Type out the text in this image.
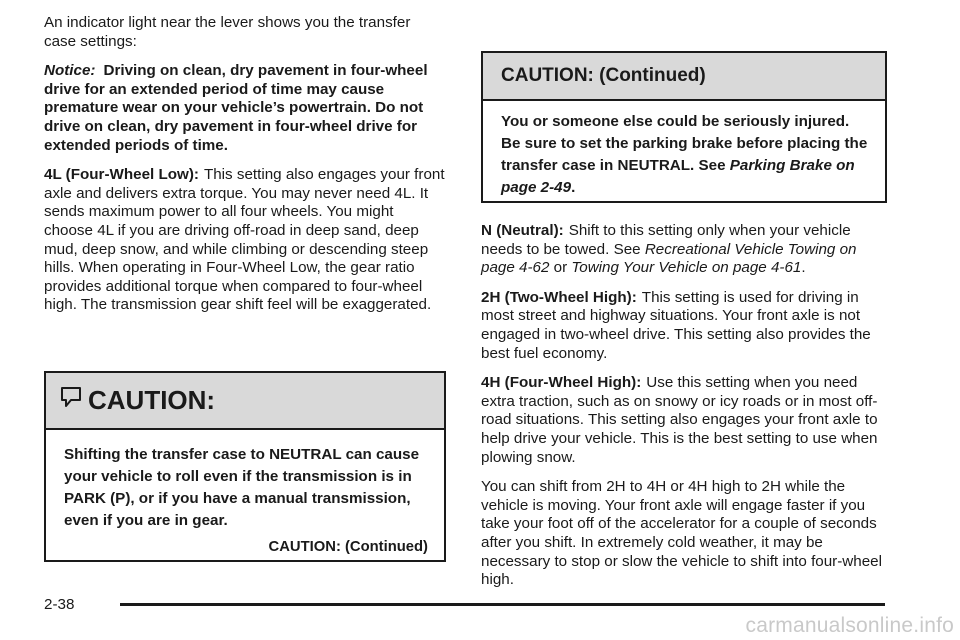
An indicator light near the lever shows you the transfer case settings:

Notice: Driving on clean, dry pavement in four-wheel drive for an extended period of time may cause premature wear on your vehicle’s powertrain. Do not drive on clean, dry pavement in four-wheel drive for extended periods of time.

4L (Four-Wheel Low): This setting also engages your front axle and delivers extra torque. You may never need 4L. It sends maximum power to all four wheels. You might choose 4L if you are driving off-road in deep sand, deep mud, deep snow, and while climbing or descending steep hills. When operating in Four-Wheel Low, the gear ratio provides additional torque when compared to four-wheel high. The transmission gear shift feel will be exaggerated.

CAUTION:
Shifting the transfer case to NEUTRAL can cause your vehicle to roll even if the transmission is in PARK (P), or if you have a manual transmission, even if you are in gear.
CAUTION: (Continued)
CAUTION: (Continued)
You or someone else could be seriously injured. Be sure to set the parking brake before placing the transfer case in NEUTRAL. See Parking Brake on page 2-49.

N (Neutral): Shift to this setting only when your vehicle needs to be towed. See Recreational Vehicle Towing on page 4-62 or Towing Your Vehicle on page 4-61.

2H (Two-Wheel High): This setting is used for driving in most street and highway situations. Your front axle is not engaged in two-wheel drive. This setting also provides the best fuel economy.

4H (Four-Wheel High): Use this setting when you need extra traction, such as on snowy or icy roads or in most off-road situations. This setting also engages your front axle to help drive your vehicle. This is the best setting to use when plowing snow.

You can shift from 2H to 4H or 4H high to 2H while the vehicle is moving. Your front axle will engage faster if you take your foot off of the accelerator for a couple of seconds after you shift. In extremely cold weather, it may be necessary to stop or slow the vehicle to shift into four-wheel high.

2-38
carmanualsonline.info
